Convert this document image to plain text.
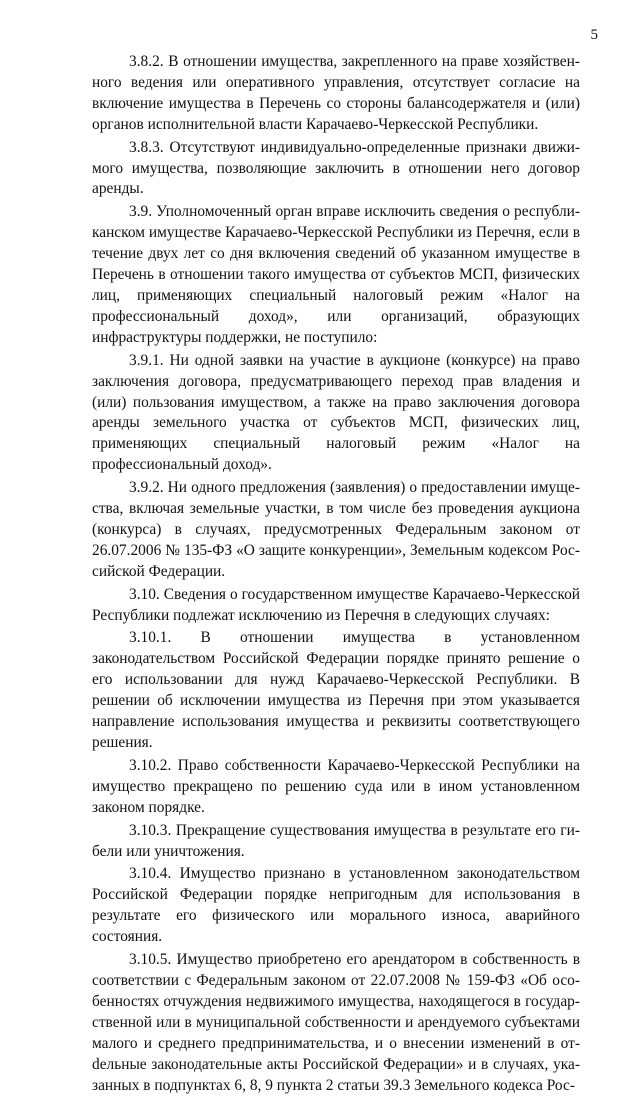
5

3.8.2. В отношении имущества, закрепленного на праве хозяйственного ведения или оперативного управления, отсутствует согласие на включение имущества в Перечень со стороны балансодержателя и (или) органов исполнительной власти Карачаево-Черкесской Республики.

3.8.3. Отсутствуют индивидуально-определенные признаки движимого имущества, позволяющие заключить в отношении него договор аренды.

3.9. Уполномоченный орган вправе исключить сведения о республиканском имуществе Карачаево-Черкесской Республики из Перечня, если в течение двух лет со дня включения сведений об указанном имуществе в Перечень в отношении такого имущества от субъектов МСП, физических лиц, применяющих специальный налоговый режим «Налог на профессиональный доход», или организаций, образующих инфраструктуры поддержки, не поступило:

3.9.1. Ни одной заявки на участие в аукционе (конкурсе) на право заключения договора, предусматривающего переход прав владения и (или) пользования имуществом, а также на право заключения договора аренды земельного участка от субъектов МСП, физических лиц, применяющих специальный налоговый режим «Налог на профессиональный доход».

3.9.2. Ни одного предложения (заявления) о предоставлении имущества, включая земельные участки, в том числе без проведения аукциона (конкурса) в случаях, предусмотренных Федеральным законом от 26.07.2006 № 135-ФЗ «О защите конкуренции», Земельным кодексом Российской Федерации.

3.10. Сведения о государственном имуществе Карачаево-Черкесской Республики подлежат исключению из Перечня в следующих случаях:

3.10.1. В отношении имущества в установленном законодательством Российской Федерации порядке принято решение о его использовании для нужд Карачаево-Черкесской Республики. В решении об исключении имущества из Перечня при этом указывается направление использования имущества и реквизиты соответствующего решения.

3.10.2. Право собственности Карачаево-Черкесской Республики на имущество прекращено по решению суда или в ином установленном законом порядке.

3.10.3. Прекращение существования имущества в результате его гибели или уничтожения.

3.10.4. Имущество признано в установленном законодательством Российской Федерации порядке непригодным для использования в результате его физического или морального износа, аварийного состояния.

3.10.5. Имущество приобретено его арендатором в собственность в соответствии с Федеральным законом от 22.07.2008 № 159-ФЗ «Об особенностях отчуждения недвижимого имущества, находящегося в государственной или в муниципальной собственности и арендуемого субъектами малого и среднего предпринимательства, и о внесении изменений в отdельные законодательные акты Российской Федерации» и в случаях, указанных в подпунктах 6, 8, 9 пункта 2 статьи 39.3 Земельного кодекса Рос-
